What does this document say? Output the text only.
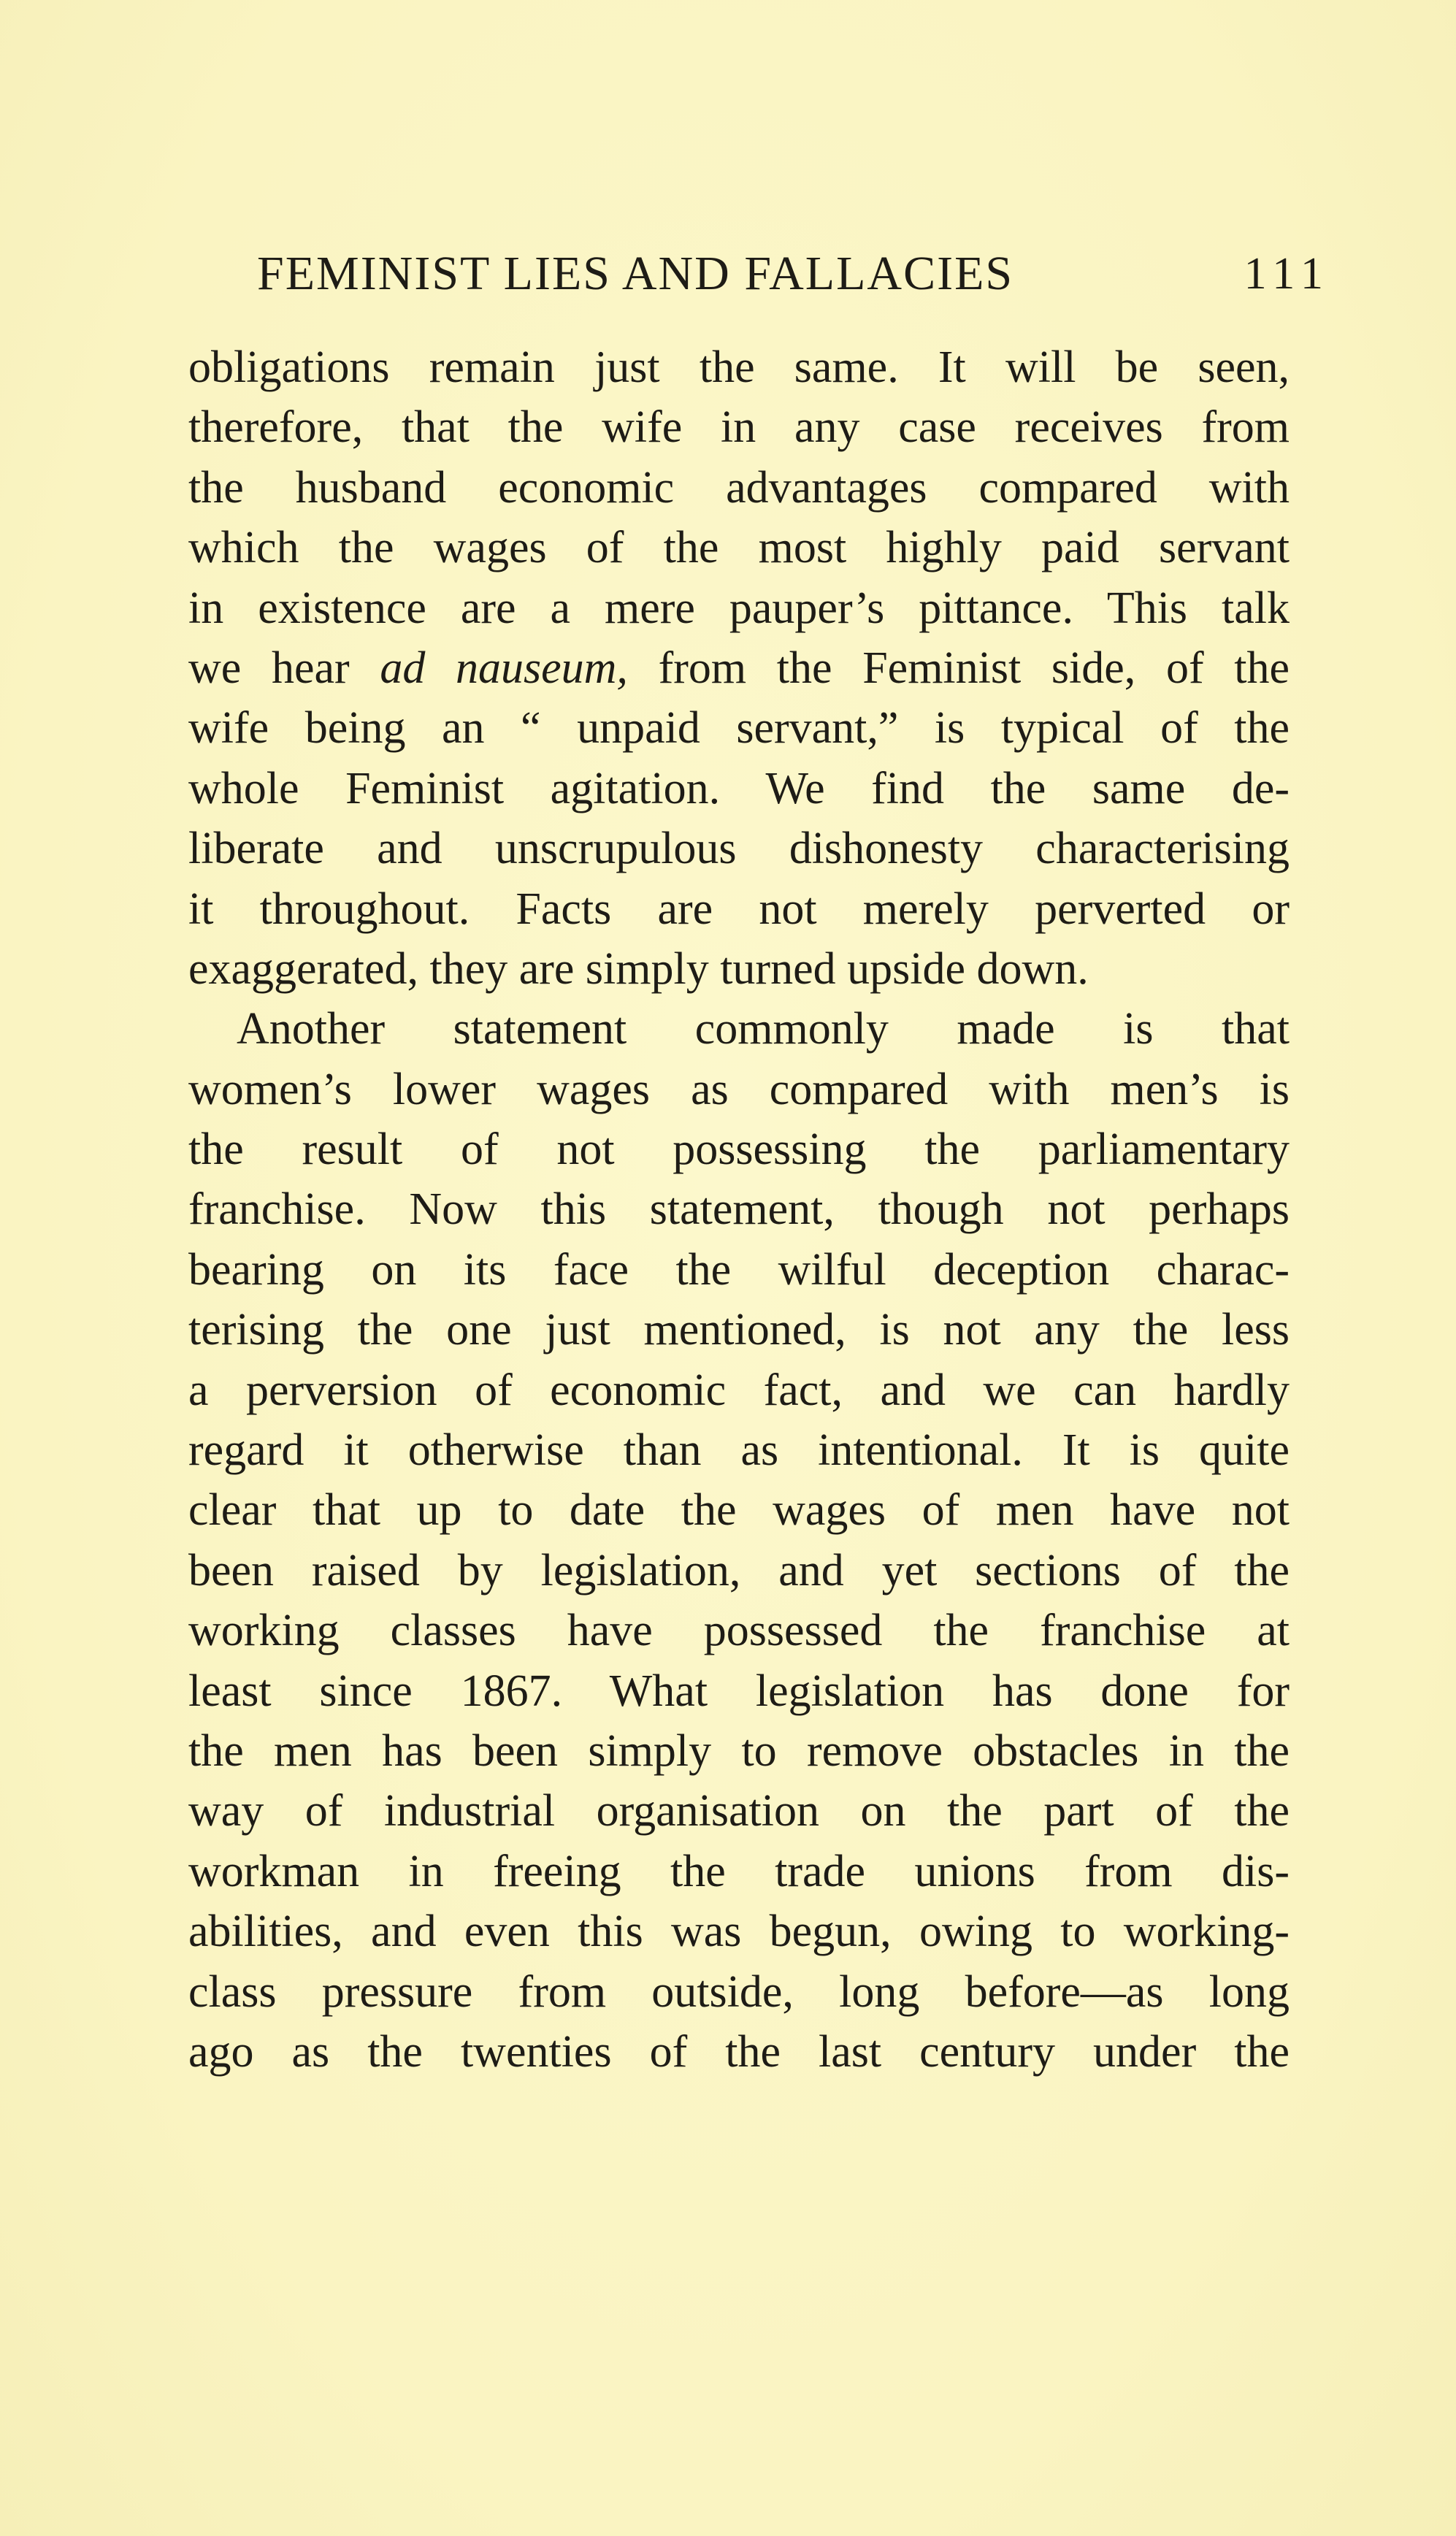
FEMINIST LIES AND FALLACIES	111
obligations remain just the same. It will be seen,
therefore, that the wife in any case receives from
the husband economic advantages compared with
which the wages of the most highly paid servant
in existence are a mere pauper’s pittance. This talk
we hear ad nauseum, from the Feminist side, of the
wife being an “ unpaid servant,” is typical of the
whole Feminist agitation. We find the same de-
liberate and unscrupulous dishonesty characterising
it throughout. Facts are not merely perverted or
exaggerated, they are simply turned upside down.
Another statement commonly made is that
women’s lower wages as compared with men’s is
the result of not possessing the parliamentary
franchise. Now this statement, though not perhaps
bearing on its face the wilful deception charac-
terising the one just mentioned, is not any the less
a perversion of economic fact, and we can hardly
regard it otherwise than as intentional. It is quite
clear that up to date the wages of men have not
been raised by legislation, and yet sections of the
working classes have possessed the franchise at
least since 1867. What legislation has done for
the men has been simply to remove obstacles in the
way of industrial organisation on the part of the
workman in freeing the trade unions from dis-
abilities, and even this was begun, owing to working-
class pressure from outside, long before—as long
ago as the twenties of the last century under the
